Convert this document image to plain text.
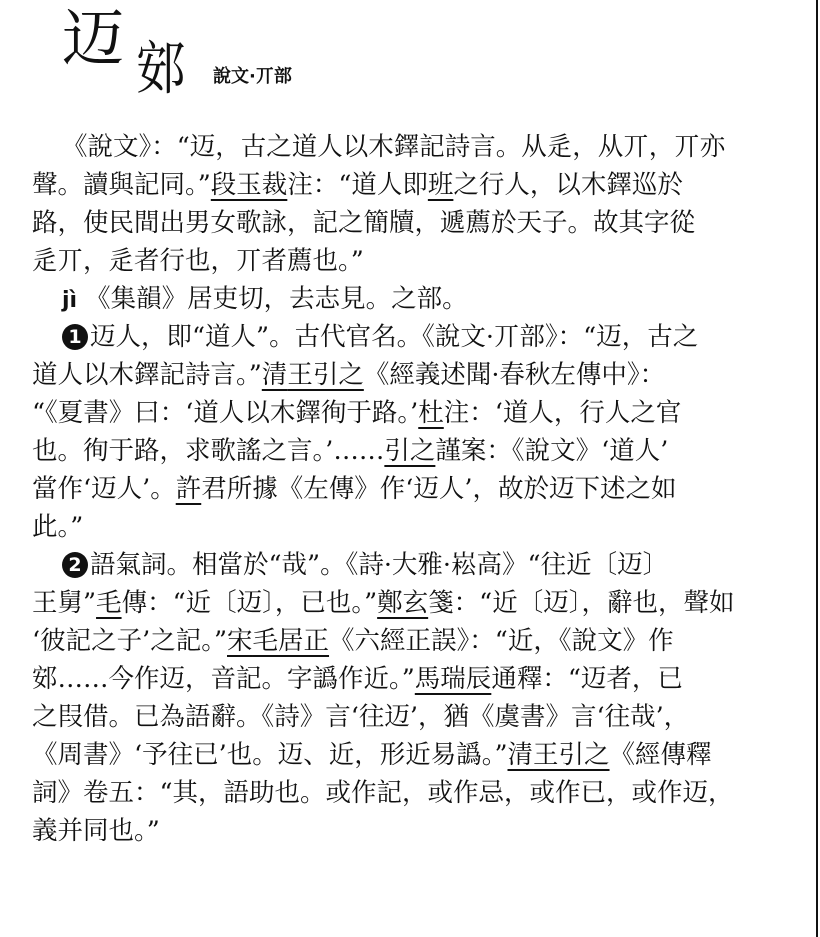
迈 䢿 說文·丌部
《說文》：“迈，古之道人以木鐸記詩言。从辵，从丌，丌亦
聲。讀與記同。”段玉裁注：“道人即班之行人，以木鐸巡於
路，使民間出男女歌詠，記之簡牘，遞薦於天子。故其字從
辵丌，辵者行也，丌者薦也。”
jì 《集韻》居吏切，去志見。之部。
1 迈人，即“道人”。古代官名。《說文·丌部》：“迈，古之
道人以木鐸記詩言。”清王引之《經義述聞·春秋左傳中》：
“《夏書》曰：‘道人以木鐸徇于路。’杜注：‘道人，行人之官
也。徇于路，求歌謠之言。’……引之謹案：《說文》‘道人’
當作‘迈人’。許君所據《左傳》作‘迈人’，故於迈下述之如
此。”
2 語氣詞。相當於“哉”。《詩·大雅·崧高》“往近〔迈〕
王舅”毛傳：“近〔迈〕，已也。”鄭玄箋：“近〔迈〕，辭也，聲如
‘彼記之子’之記。”宋毛居正《六經正誤》：“近，《說文》作
䢿……今作迈，音記。字譌作近。”馬瑞辰通釋：“迈者，已
之叚借。已為語辭。《詩》言‘往迈’，猶《虞書》言‘往哉’，
《周書》‘予往已’也。迈、近，形近易譌。”清王引之《經傳釋
詞》卷五：“其，語助也。或作記，或作忌，或作已，或作迈，
義并同也。”
